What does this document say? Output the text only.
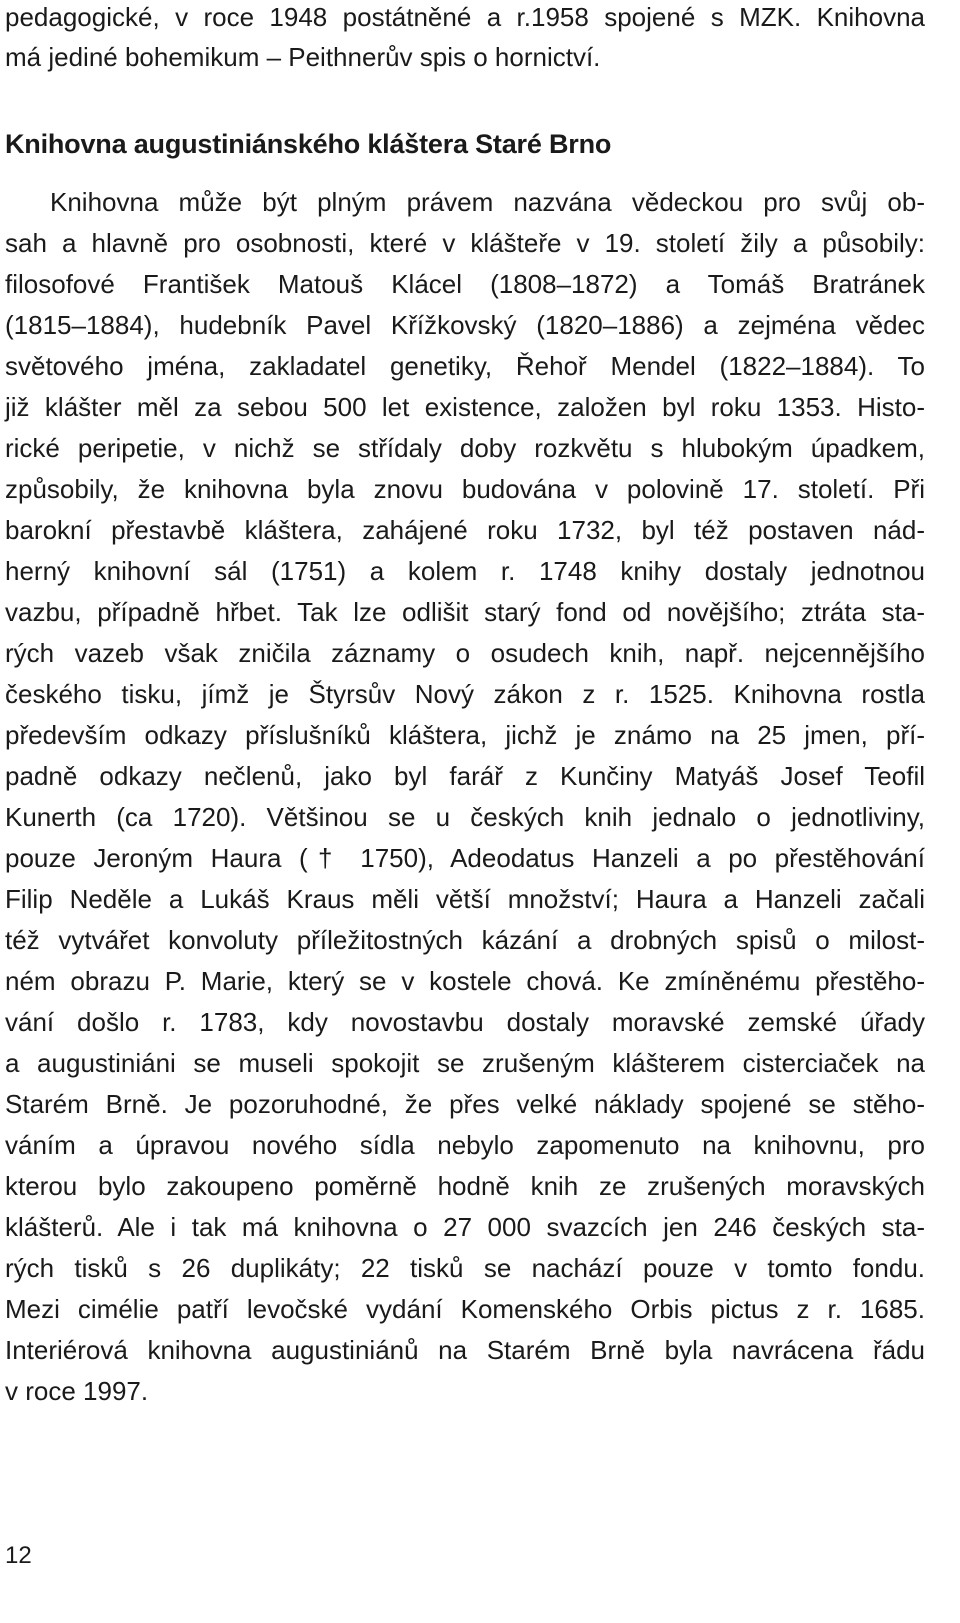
pedagogické, v roce 1948 postátněné a r.1958 spojené s MZK. Knihovna
má jediné bohemikum – Peithnerův spis o hornictví.
Knihovna augustiniánského kláštera Staré Brno
Knihovna může být plným právem nazvána vědeckou pro svůj ob-
sah a hlavně pro osobnosti, které v klášteře v 19. století žily a působily:
filosofové František Matouš Klácel (1808–1872) a Tomáš Bratránek
(1815–1884), hudebník Pavel Křížkovský (1820–1886) a zejména vědec
světového jména, zakladatel genetiky, Řehoř Mendel (1822–1884). To
již klášter měl za sebou 500 let existence, založen byl roku 1353. Histo-
rické peripetie, v nichž se střídaly doby rozkvětu s hlubokým úpadkem,
způsobily, že knihovna byla znovu budována v polovině 17. století. Při
barokní přestavbě kláštera, zahájené roku 1732, byl též postaven nád-
herný knihovní sál (1751) a kolem r. 1748 knihy dostaly jednotnou
vazbu, případně hřbet. Tak lze odlišit starý fond od novějšího; ztráta sta-
rých vazeb však zničila záznamy o osudech knih, např. nejcennějšího
českého tisku, jímž je Štyrsův Nový zákon z r. 1525. Knihovna rostla
především odkazy příslušníků kláštera, jichž je známo na 25 jmen, pří-
padně odkazy nečlenů, jako byl farář z Kunčiny Matyáš Josef Teofil
Kunerth (ca 1720). Většinou se u českých knih jednalo o jednotliviny,
pouze Jeroným Haura († 1750), Adeodatus Hanzeli a po přestěhování
Filip Neděle a Lukáš Kraus měli větší množství; Haura a Hanzeli začali
též vytvářet konvoluty příležitostných kázání a drobných spisů o milost-
ném obrazu P. Marie, který se v kostele chová. Ke zmíněnému přestěho-
vání došlo r. 1783, kdy novostavbu dostaly moravské zemské úřady
a augustiniáni se museli spokojit se zrušeným klášterem cisterciaček na
Starém Brně. Je pozoruhodné, že přes velké náklady spojené se stěho-
váním a úpravou nového sídla nebylo zapomenuto na knihovnu, pro
kterou bylo zakoupeno poměrně hodně knih ze zrušených moravských
klášterů. Ale i tak má knihovna o 27 000 svazcích jen 246 českých sta-
rých tisků s 26 duplikáty; 22 tisků se nachází pouze v tomto fondu.
Mezi cimélie patří levočské vydání Komenského Orbis pictus z r. 1685.
Interiérová knihovna augustiniánů na Starém Brně byla navrácena řádu
v roce 1997.
12
